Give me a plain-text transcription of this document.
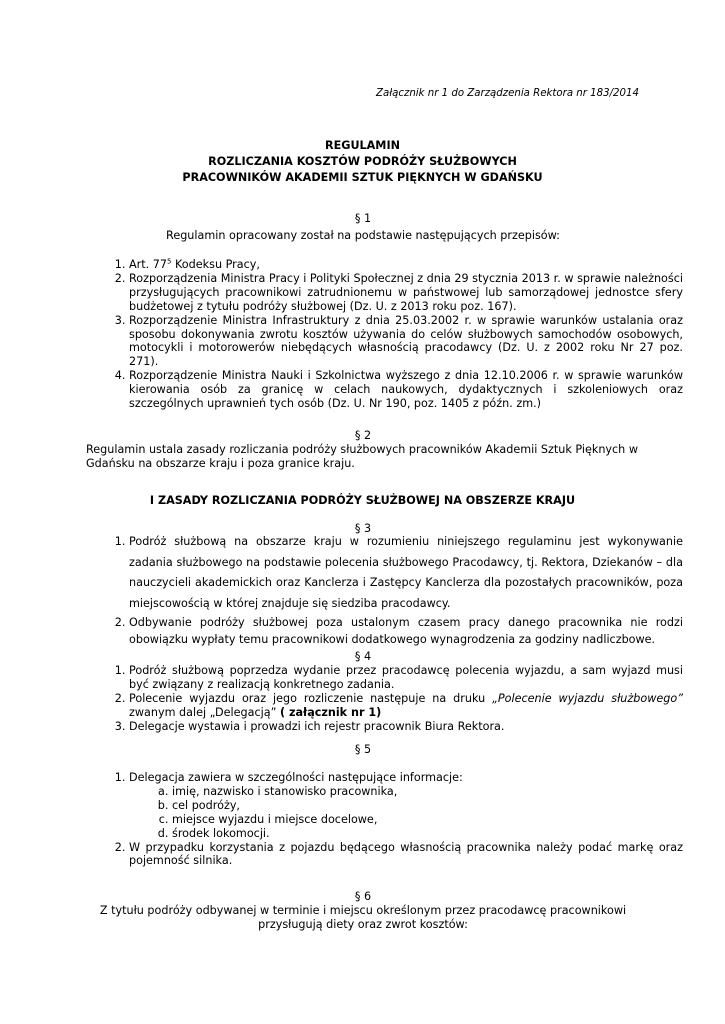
Załącznik nr 1 do Zarządzenia Rektora nr 183/2014
REGULAMIN
ROZLICZANIA KOSZTÓW PODRÓŻY SŁUŻBOWYCH
PRACOWNIKÓW AKADEMII SZTUK PIĘKNYCH W GDAŃSKU
§ 1
Regulamin opracowany został na podstawie następujących przepisów:
1. Art. $77^5$ Kodeksu Pracy,
2. Rozporządzenia Ministra Pracy i Polityki Społecznej z dnia 29 stycznia 2013 r. w sprawie należności przysługujących pracownikowi zatrudnionemu w państwowej lub samorządowej jednostce sfery budżetowej z tytułu podróży służbowej (Dz. U. z 2013 roku poz. 167).
3. Rozporządzenie Ministra Infrastruktury z dnia 25.03.2002 r. w sprawie warunków ustalania oraz sposobu dokonywania zwrotu kosztów używania do celów służbowych samochodów osobowych, motocykli i motorowerów niebędących własnością pracodawcy (Dz. U. z 2002 roku Nr 27 poz. 271).
4. Rozporządzenie Ministra Nauki i Szkolnictwa wyższego z dnia 12.10.2006 r. w sprawie warunków kierowania osób za granicę w celach naukowych, dydaktycznych i szkoleniowych oraz szczególnych uprawnień tych osób (Dz. U. Nr 190, poz. 1405 z późn. zm.)
§ 2
Regulamin ustala zasady rozliczania podróży służbowych pracowników Akademii Sztuk Pięknych w Gdańsku na obszarze kraju i poza granice kraju.
I ZASADY ROZLICZANIA PODRÓŻY SŁUŻBOWEJ NA OBSZERZE KRAJU
§ 3
1. Podróż służbową na obszarze kraju w rozumieniu niniejszego regulaminu jest wykonywanie zadania służbowego na podstawie polecenia służbowego Pracodawcy, tj. Rektora, Dziekanów – dla nauczycieli akademickich oraz Kanclerza i Zastępcy Kanclerza dla pozostałych pracowników, poza miejscowością w której znajduje się siedziba pracodawcy.
2. Odbywanie podróży służbowej poza ustalonym czasem pracy danego pracownika nie rodzi obowiązku wypłaty temu pracownikowi dodatkowego wynagrodzenia za godziny nadliczbowe.
§ 4
1. Podróż służbową poprzedza wydanie przez pracodawcę polecenia wyjazdu, a sam wyjazd musi być związany z realizacją konkretnego zadania.
2. Polecenie wyjazdu oraz jego rozliczenie następuje na druku „Polecenie wyjazdu służbowego” zwanym dalej „Delegacją” ( załącznik nr 1)
3. Delegacje wystawia i prowadzi ich rejestr pracownik Biura Rektora.
§ 5
1. Delegacja zawiera w szczególności następujące informacje:
a. imię, nazwisko i stanowisko pracownika,
b. cel podróży,
c. miejsce wyjazdu i miejsce docelowe,
d. środek lokomocji.
2. W przypadku korzystania z pojazdu będącego własnością pracownika należy podać markę oraz pojemność silnika.
§ 6
Z tytułu podróży odbywanej w terminie i miejscu określonym przez pracodawcę pracownikowi przysługują diety oraz zwrot kosztów:
